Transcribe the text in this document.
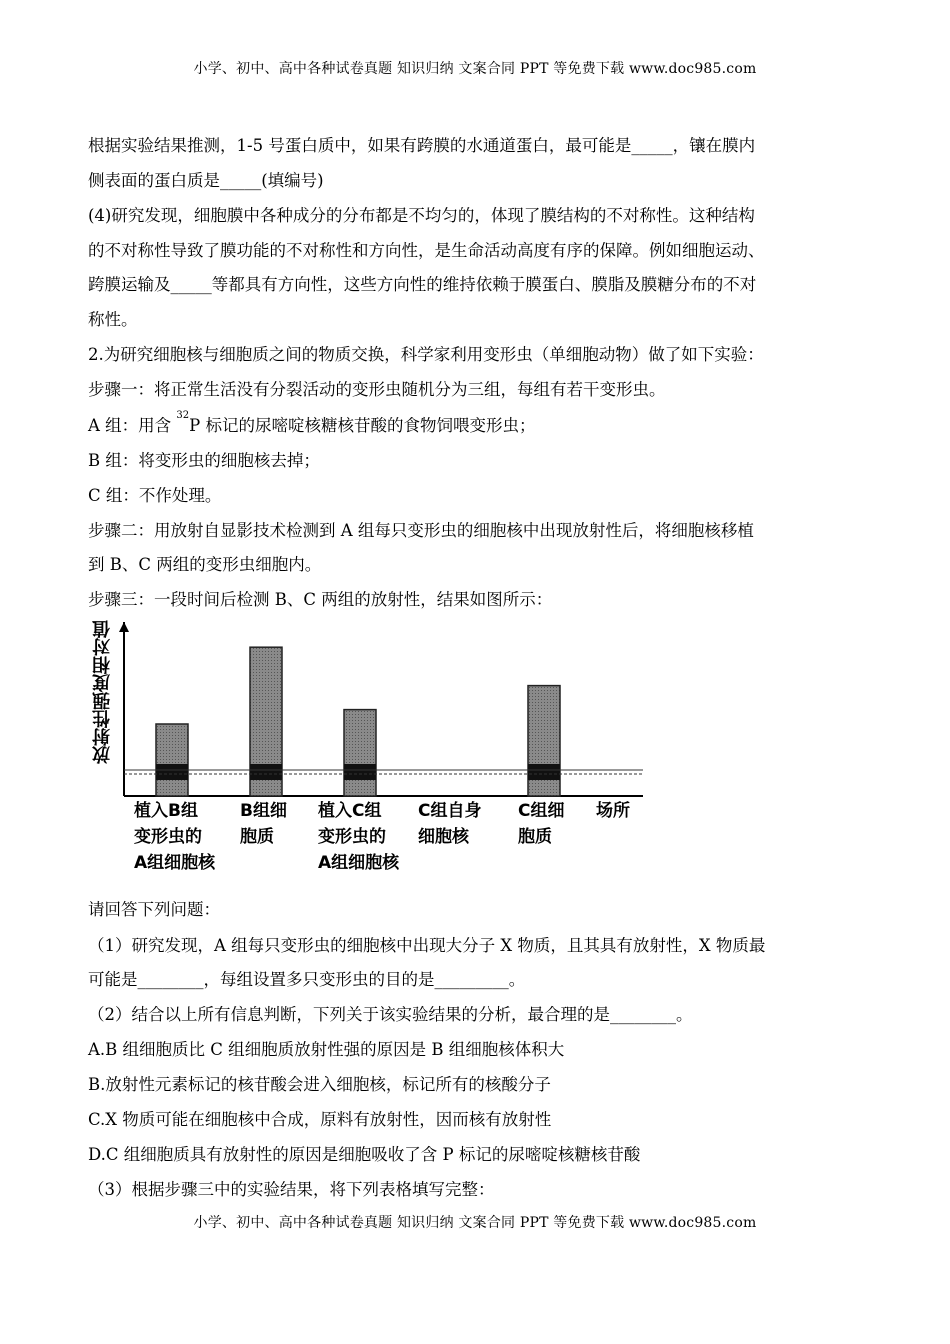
小学、初中、高中各种试卷真题 知识归纳 文案合同 PPT 等免费下载 www.doc985.com
根据实验结果推测，1-5 号蛋白质中，如果有跨膜的水通道蛋白，最可能是_____，镶在膜内
侧表面的蛋白质是_____(填编号)
(4)研究发现，细胞膜中各种成分的分布都是不均匀的，体现了膜结构的不对称性。这种结构
的不对称性导致了膜功能的不对称性和方向性，是生命活动高度有序的保障。例如细胞运动、
跨膜运输及_____等都具有方向性，这些方向性的维持依赖于膜蛋白、膜脂及膜糖分布的不对
称性。
2.为研究细胞核与细胞质之间的物质交换，科学家利用变形虫（单细胞动物）做了如下实验：
步骤一：将正常生活没有分裂活动的变形虫随机分为三组，每组有若干变形虫。
A 组：用含 $^{32}$P 标记的尿嘧啶核糖核苷酸的食物饲喂变形虫；
B 组：将变形虫的细胞核去掉；
C 组：不作处理。
步骤二：用放射自显影技术检测到 A 组每只变形虫的细胞核中出现放射性后，将细胞核移植
到 B、C 两组的变形虫细胞内。
步骤三：一段时间后检测 B、C 两组的放射性，结果如图所示：
放射性强度相对值
植入B组
变形虫的
A组细胞核
B组细
胞质
植入C组
变形虫的
A组细胞核
C组自身
细胞核
C组细
胞质
场所
请回答下列问题：
（1）研究发现，A 组每只变形虫的细胞核中出现大分子 X 物质，且其具有放射性，X 物质最
可能是________，每组设置多只变形虫的目的是_________。
（2）结合以上所有信息判断，下列关于该实验结果的分析，最合理的是________。
A.B 组细胞质比 C 组细胞质放射性强的原因是 B 组细胞核体积大
B.放射性元素标记的核苷酸会进入细胞核，标记所有的核酸分子
C.X 物质可能在细胞核中合成，原料有放射性，因而核有放射性
D.C 组细胞质具有放射性的原因是细胞吸收了含 P 标记的尿嘧啶核糖核苷酸
（3）根据步骤三中的实验结果，将下列表格填写完整：
小学、初中、高中各种试卷真题 知识归纳 文案合同 PPT 等免费下载 www.doc985.com
